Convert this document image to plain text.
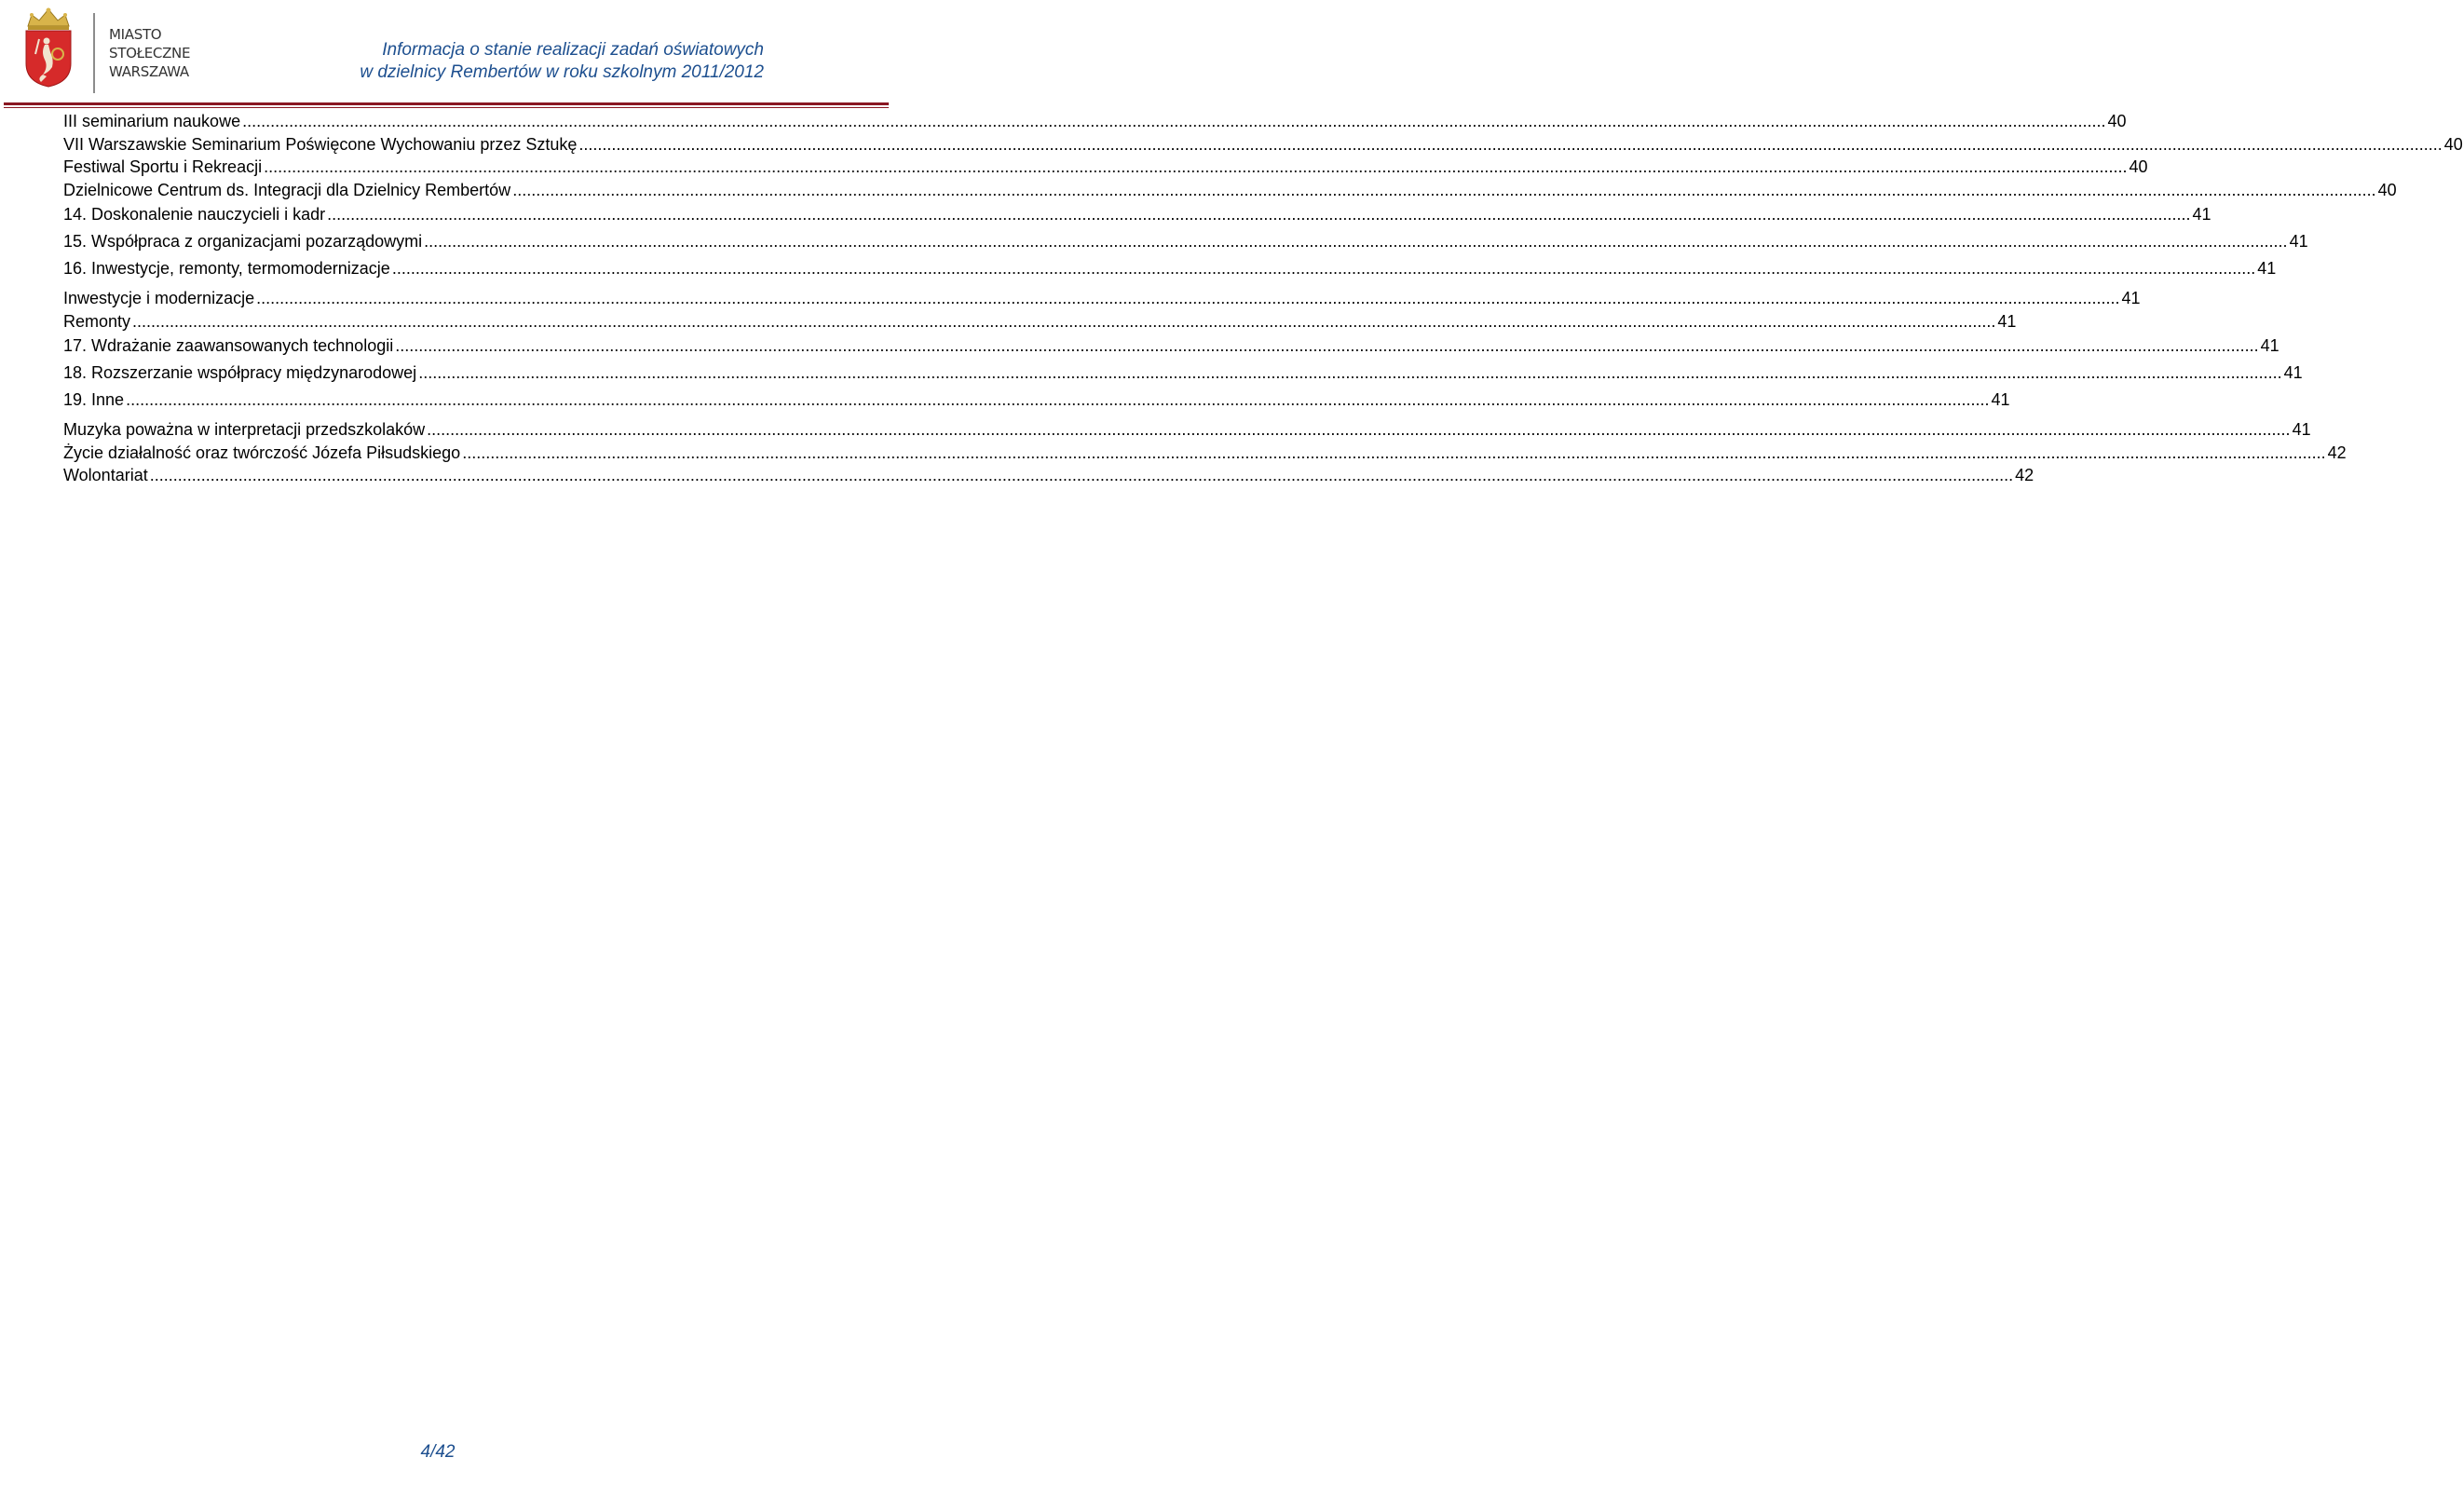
MIASTO
STOŁECZNE
WARSZAWA
Informacja o stanie realizacji zadań oświatowych
w dzielnicy Rembertów w roku szkolnym 2011/2012
III seminarium naukowe ................................................................................................................................................................................................................................................................................................................................................................................................................ 40
VII Warszawskie Seminarium Poświęcone Wychowaniu przez Sztukę ................................................................................................................................................................................................................................................................................................................................................................................................................ 40
Festiwal Sportu i Rekreacji ................................................................................................................................................................................................................................................................................................................................................................................................................ 40
Dzielnicowe Centrum ds. Integracji dla Dzielnicy Rembertów ................................................................................................................................................................................................................................................................................................................................................................................................................ 40
14. Doskonalenie nauczycieli i kadr ................................................................................................................................................................................................................................................................................................................................................................................................................ 41
15. Współpraca z organizacjami pozarządowymi ................................................................................................................................................................................................................................................................................................................................................................................................................ 41
16. Inwestycje, remonty, termomodernizacje ................................................................................................................................................................................................................................................................................................................................................................................................................ 41
Inwestycje i modernizacje ................................................................................................................................................................................................................................................................................................................................................................................................................ 41
Remonty ................................................................................................................................................................................................................................................................................................................................................................................................................ 41
17. Wdrażanie zaawansowanych technologii ................................................................................................................................................................................................................................................................................................................................................................................................................ 41
18. Rozszerzanie współpracy międzynarodowej ................................................................................................................................................................................................................................................................................................................................................................................................................ 41
19. Inne ................................................................................................................................................................................................................................................................................................................................................................................................................ 41
Muzyka poważna w interpretacji przedszkolaków ................................................................................................................................................................................................................................................................................................................................................................................................................ 41
Życie działalność oraz twórczość Józefa Piłsudskiego ................................................................................................................................................................................................................................................................................................................................................................................................................ 42
Wolontariat ................................................................................................................................................................................................................................................................................................................................................................................................................ 42
4/42
